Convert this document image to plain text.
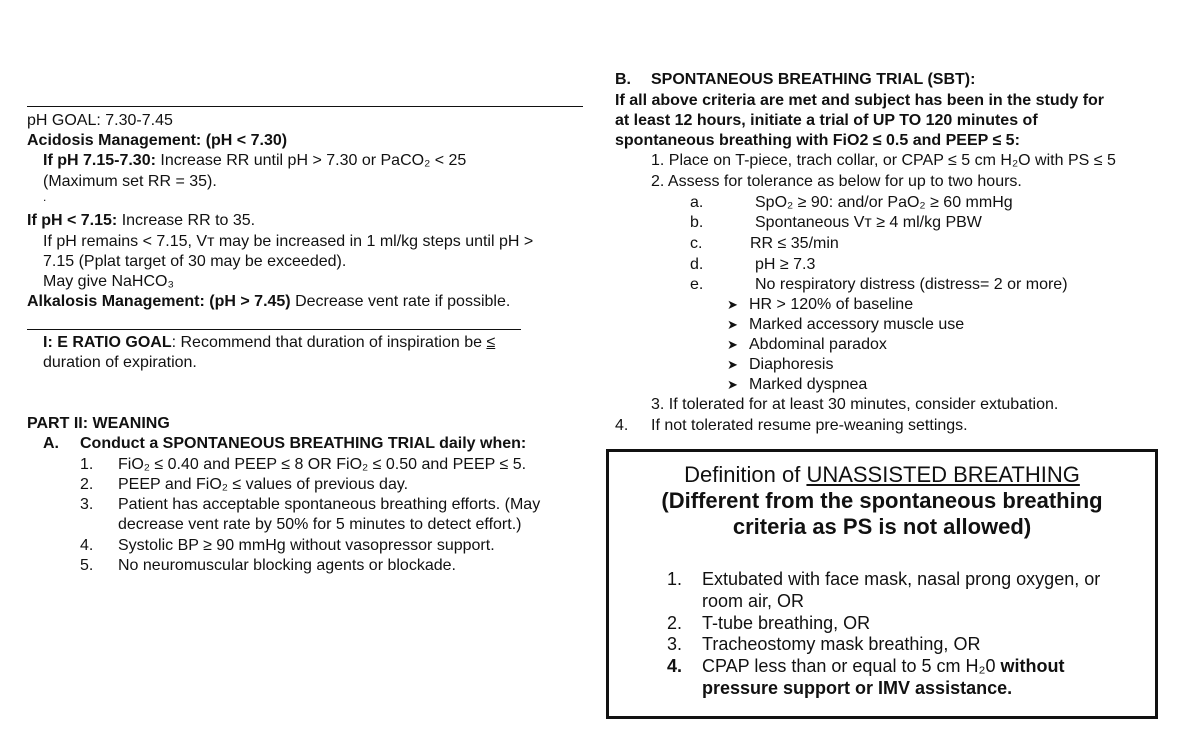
pH GOAL: 7.30-7.45
Acidosis Management: (pH < 7.30)
If pH 7.15-7.30: Increase RR until pH > 7.30 or PaCO₂ < 25
(Maximum set RR = 35).
.
If pH < 7.15: Increase RR to 35.
If pH remains < 7.15, Vᴛ may be increased in 1 ml/kg steps until pH >
7.15 (Pplat target of 30 may be exceeded).
May give NaHCO₃
Alkalosis Management: (pH > 7.45) Decrease vent rate if possible.
I: E RATIO GOAL: Recommend that duration of inspiration be ≤
duration of expiration.
PART II: WEANING
A. Conduct a SPONTANEOUS BREATHING TRIAL daily when:
1. FiO₂ ≤ 0.40 and PEEP ≤ 8 OR FiO₂ ≤ 0.50 and PEEP ≤ 5.
2. PEEP and FiO₂ ≤ values of previous day.
3. Patient has acceptable spontaneous breathing efforts. (May
decrease vent rate by 50% for 5 minutes to detect effort.)
4. Systolic BP ≥ 90 mmHg without vasopressor support.
5. No neuromuscular blocking agents or blockade.
B. SPONTANEOUS BREATHING TRIAL (SBT):
If all above criteria are met and subject has been in the study for
at least 12 hours, initiate a trial of UP TO 120 minutes of
spontaneous breathing with FiO2 ≤ 0.5 and PEEP ≤ 5:
1. Place on T-piece, trach collar, or CPAP ≤ 5 cm H₂O with PS ≤ 5
2. Assess for tolerance as below for up to two hours.
a.	SpO₂ ≥ 90: and/or PaO₂ ≥ 60 mmHg
b.	Spontaneous Vᴛ ≥ 4 ml/kg PBW
c.	RR ≤ 35/min
d.	pH ≥ 7.3
e.	No respiratory distress (distress= 2 or more)
➤ HR > 120% of baseline
➤ Marked accessory muscle use
➤ Abdominal paradox
➤ Diaphoresis
➤ Marked dyspnea
3. If tolerated for at least 30 minutes, consider extubation.
4. If not tolerated resume pre-weaning settings.
Definition of UNASSISTED BREATHING
(Different from the spontaneous breathing
criteria as PS is not allowed)
1. Extubated with face mask, nasal prong oxygen, or
room air, OR
2. T-tube breathing, OR
3. Tracheostomy mask breathing, OR
4. CPAP less than or equal to 5 cm H₂0 without
pressure support or IMV assistance.
